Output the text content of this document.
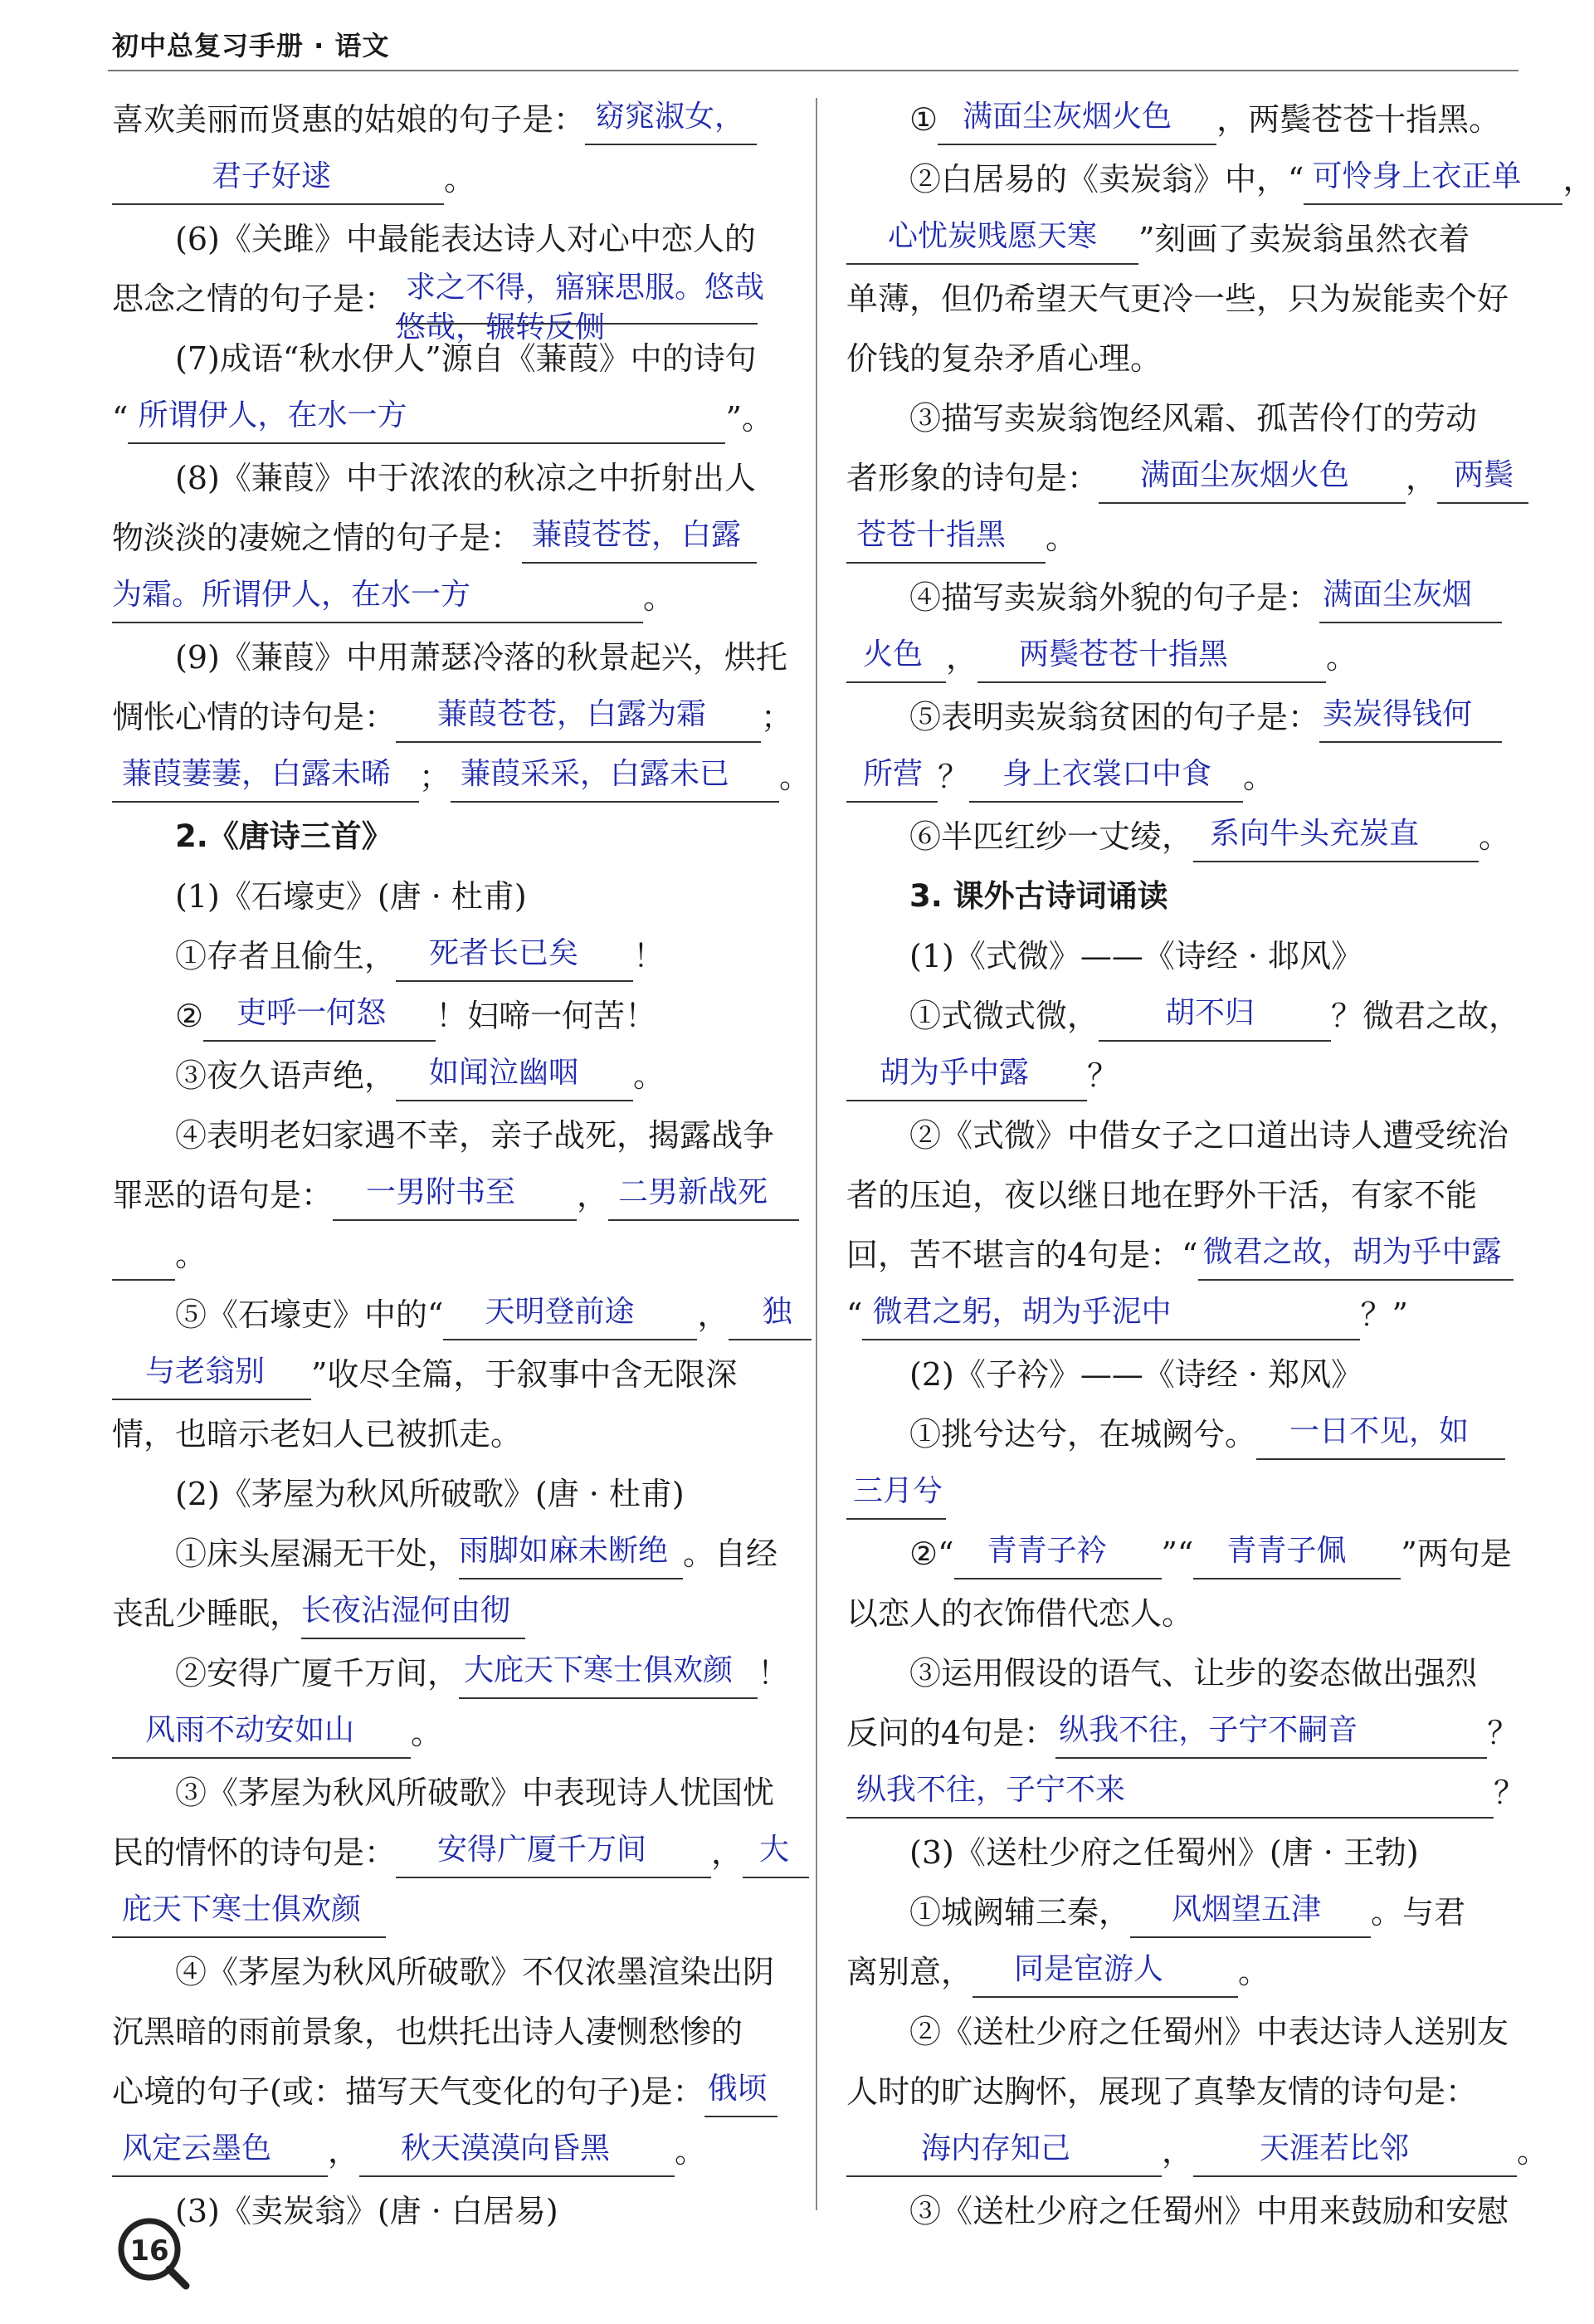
初中总复习手册 · 语文
喜欢美丽而贤惠的姑娘的句子是： 窈窕淑女，
君子好逑	。
(6)《关雎》中最能表达诗人对心中恋人的
思念之情的句子是： 求之不得，寤寐思服。悠哉
悠哉，辗转反侧
(7)成语“秋水伊人”源自《蒹葭》中的诗句
“ 所谓伊人，在水一方	”。
(8)《蒹葭》中于浓浓的秋凉之中折射出人
物淡淡的凄婉之情的句子是： 蒹葭苍苍，白露
为霜。所谓伊人，在水一方	。
(9)《蒹葭》中用萧瑟冷落的秋景起兴，烘托
惆怅心情的诗句是： 蒹葭苍苍，白露为霜 ；
蒹葭萋萋，白露未晞 ； 蒹葭采采，白露未已 。
2.《唐诗三首》
(1)《石壕吏》(唐 · 杜甫)
①存者且偷生， 死者长已矣 ！
② 吏呼一何怒 ！妇啼一何苦！
③夜久语声绝， 如闻泣幽咽 。
④表明老妇家遇不幸，亲子战死，揭露战争
罪恶的语句是： 一男附书至 ， 二男新战死
。
⑤《石壕吏》中的“ 天明登前途 ， 独
与老翁别 ”收尽全篇，于叙事中含无限深
情，也暗示老妇人已被抓走。
(2)《茅屋为秋风所破歌》(唐 · 杜甫)
①床头屋漏无干处， 雨脚如麻未断绝 。自经
丧乱少睡眠， 长夜沾湿何由彻
②安得广厦千万间， 大庇天下寒士俱欢颜 ！
风雨不动安如山 。
③《茅屋为秋风所破歌》中表现诗人忧国忧
民的情怀的诗句是： 安得广厦千万间 ， 大
庇天下寒士俱欢颜
④《茅屋为秋风所破歌》不仅浓墨渲染出阴
沉黑暗的雨前景象，也烘托出诗人凄恻愁惨的
心境的句子(或：描写天气变化的句子)是： 俄顷
风定云墨色 ， 秋天漠漠向昏黑 。
(3)《卖炭翁》(唐 · 白居易)
① 满面尘灰烟火色 ，两鬓苍苍十指黑。
②白居易的《卖炭翁》中，“ 可怜身上衣正单 ，
心忧炭贱愿天寒 ”刻画了卖炭翁虽然衣着
单薄，但仍希望天气更冷一些，只为炭能卖个好
价钱的复杂矛盾心理。
③描写卖炭翁饱经风霜、孤苦伶仃的劳动
者形象的诗句是： 满面尘灰烟火色 ， 两鬓
苍苍十指黑 。
④描写卖炭翁外貌的句子是： 满面尘灰烟
火色 ， 两鬓苍苍十指黑	。
⑤表明卖炭翁贫困的句子是： 卖炭得钱何
所营 ？ 身上衣裳口中食 。
⑥半匹红纱一丈绫， 系向牛头充炭直 。
3. 课外古诗词诵读
(1)《式微》——《诗经 · 邶风》
①式微式微， 胡不归 ？微君之故，
胡为乎中露 ？
②《式微》中借女子之口道出诗人遭受统治
者的压迫，夜以继日地在野外干活，有家不能
回，苦不堪言的4句是：“ 微君之故，胡为乎中露
“ 微君之躬，胡为乎泥中	？”
(2)《子衿》——《诗经 · 郑风》
①挑兮达兮，在城阙兮。 一日不见，如
三月兮
②“ 青青子衿 ”“ 青青子佩 ”两句是
以恋人的衣饰借代恋人。
③运用假设的语气、让步的姿态做出强烈
反问的4句是： 纵我不往，子宁不嗣音	？
纵我不往，子宁不来	？
(3)《送杜少府之任蜀州》(唐 · 王勃)
①城阙辅三秦， 风烟望五津 。与君
离别意， 同是宦游人 。
②《送杜少府之任蜀州》中表达诗人送别友
人时的旷达胸怀，展现了真挚友情的诗句是：
海内存知己	， 天涯若比邻	。
③《送杜少府之任蜀州》中用来鼓励和安慰
16
